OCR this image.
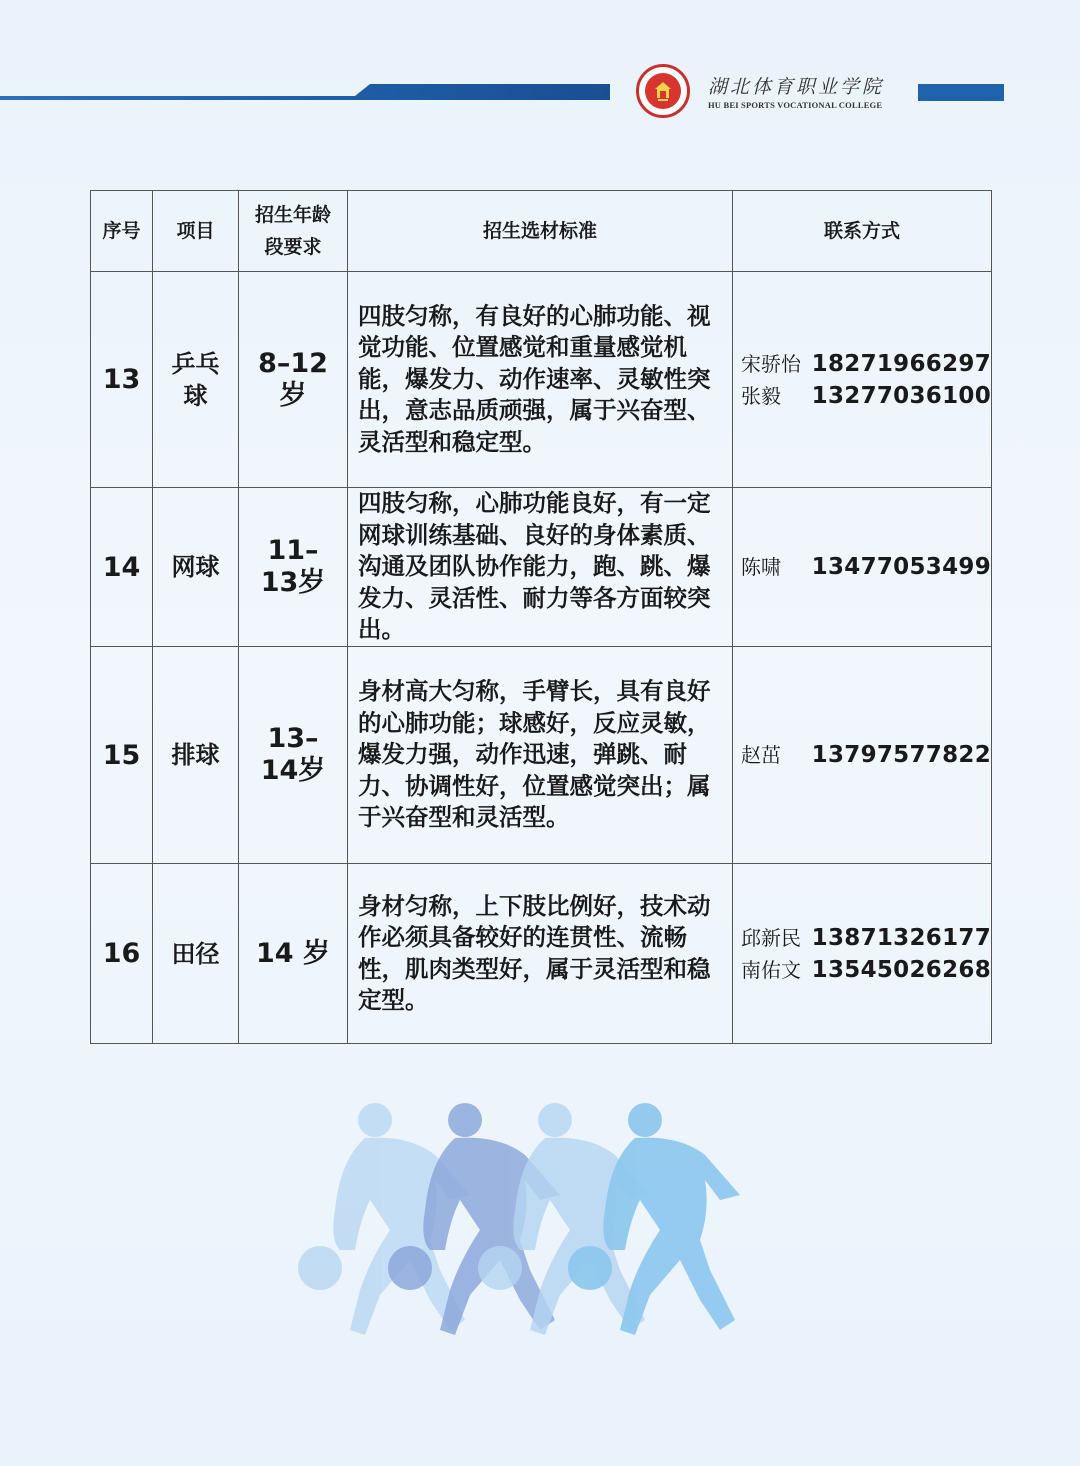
湖北体育职业学院
HU BEI SPORTS VOCATIONAL COLLEGE
序号	项目	招生年龄段要求	招生选材标准	联系方式
13	乒乓球	8–12岁	四肢匀称，有良好的心肺功能、视觉功能、位置感觉和重量感觉机能，爆发力、动作速率、灵敏性突出，意志品质顽强，属于兴奋型、灵活型和稳定型。	宋骄怡 18271966297
张毅 13277036100

14	网球	11–13岁	四肢匀称，心肺功能良好，有一定网球训练基础、良好的身体素质、沟通及团队协作能力，跑、跳、爆发力、灵活性、耐力等各方面较突出。	陈啸 13477053499

15	排球	13–14岁	身材高大匀称，手臂长，具有良好的心肺功能；球感好，反应灵敏，爆发力强，动作迅速，弹跳、耐力、协调性好，位置感觉突出；属于兴奋型和灵活型。	赵茁 13797577822

16	田径	14 岁	身材匀称，上下肢比例好，技术动作必须具备较好的连贯性、流畅性，肌肉类型好，属于灵活型和稳定型。	邱新民 13871326177
南佑文 13545026268
